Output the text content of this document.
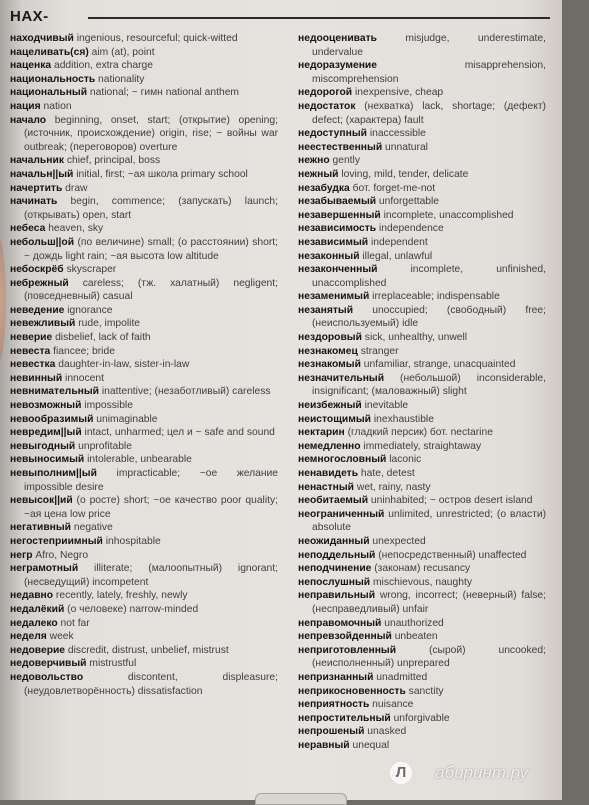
НАХ-

находчивый ingenious, resourceful; quick-witted

нацеливать(ся) aim (at), point

наценка addition, extra charge

национальность nationality

национальный national; ~ гимн national anthem

нация nation

начало beginning, onset, start; (открытие) opening; (источник, происхождение) origin, rise; ~ войны war outbreak; (переговоров) overture

начальник chief, principal, boss

начальн||ый initial, first; ~ая школа primary school

начертить draw

начинать begin, commence; (запускать) launch; (открывать) open, start

небеса heaven, sky

небольш||ой (по величине) small; (о расстоянии) short; ~ дождь light rain; ~ая высота low altitude

небоскрёб skyscraper

небрежный careless; (тж. халатный) negligent; (повседневный) casual

неведение ignorance

невежливый rude, impolite

неверие disbelief, lack of faith

невеста fiancee; bride

невестка daughter-in-law, sister-in-law

невинный innocent

невнимательный inattentive; (незаботливый) careless

невозможный impossible

невообразимый unimaginable

невредим||ый intact, unharmed; цел и ~ safe and sound

невыгодный unprofitable

невыносимый intolerable, unbearable

невыполним||ый impracticable; ~ое желание impossible desire

невысок||ий (о росте) short; ~ое качество poor quality; ~ая цена low price

негативный negative

негостеприимный inhospitable

негр Afro, Negro

неграмотный illiterate; (малоопытный) ignorant; (несведущий) incompetent

недавно recently, lately, freshly, newly

недалёкий (о человеке) narrow-minded

недалеко not far

неделя week

недоверие discredit, distrust, unbelief, mistrust

недоверчивый mistrustful

недовольство discontent, displeasure; (неудовлетворённость) dissatisfaction

недооценивать misjudge, underestimate, undervalue

недоразумение misapprehension, miscomprehension

недорогой inexpensive, cheap

недостаток (нехватка) lack, shortage; (дефект) defect; (характера) fault

недоступный inaccessible

неестественный unnatural

нежно gently

нежный loving, mild, tender, delicate

незабудка бот. forget-me-not

незабываемый unforgettable

незавершенный incomplete, unaccomplished

независимость independence

независимый independent

незаконный illegal, unlawful

незаконченный incomplete, unfinished, unaccomplished

незаменимый irreplaceable; indispensable

незанятый unoccupied; (свободный) free; (неиспользуемый) idle

нездоровый sick, unhealthy, unwell

незнакомец stranger

незнакомый unfamiliar, strange, unacquainted

незначительный (небольшой) inconsiderable, insignificant; (маловажный) slight

неизбежный inevitable

неистощимый inexhaustible

нектарин (гладкий персик) бот. nectarine

немедленно immediately, straightaway

немногословный laconic

ненавидеть hate, detest

ненастный wet, rainy, nasty

необитаемый uninhabited; ~ остров desert island

неограниченный unlimited, unrestricted; (о власти) absolute

неожиданный unexpected

неподдельный (непосредственный) unaffected

неподчинение (законам) recusancy

непослушный mischievous, naughty

неправильный wrong, incorrect; (неверный) false; (несправедливый) unfair

неправомочный unauthorized

непревзойденный unbeaten

неприготовленный (сырой) uncooked; (неисполненный) unprepared

непризнанный unadmitted

неприкосновенность sanctity

неприятность nuisance

непростительный unforgivable

непрошеный unasked

неравный unequal

Л	абиринт.ру
